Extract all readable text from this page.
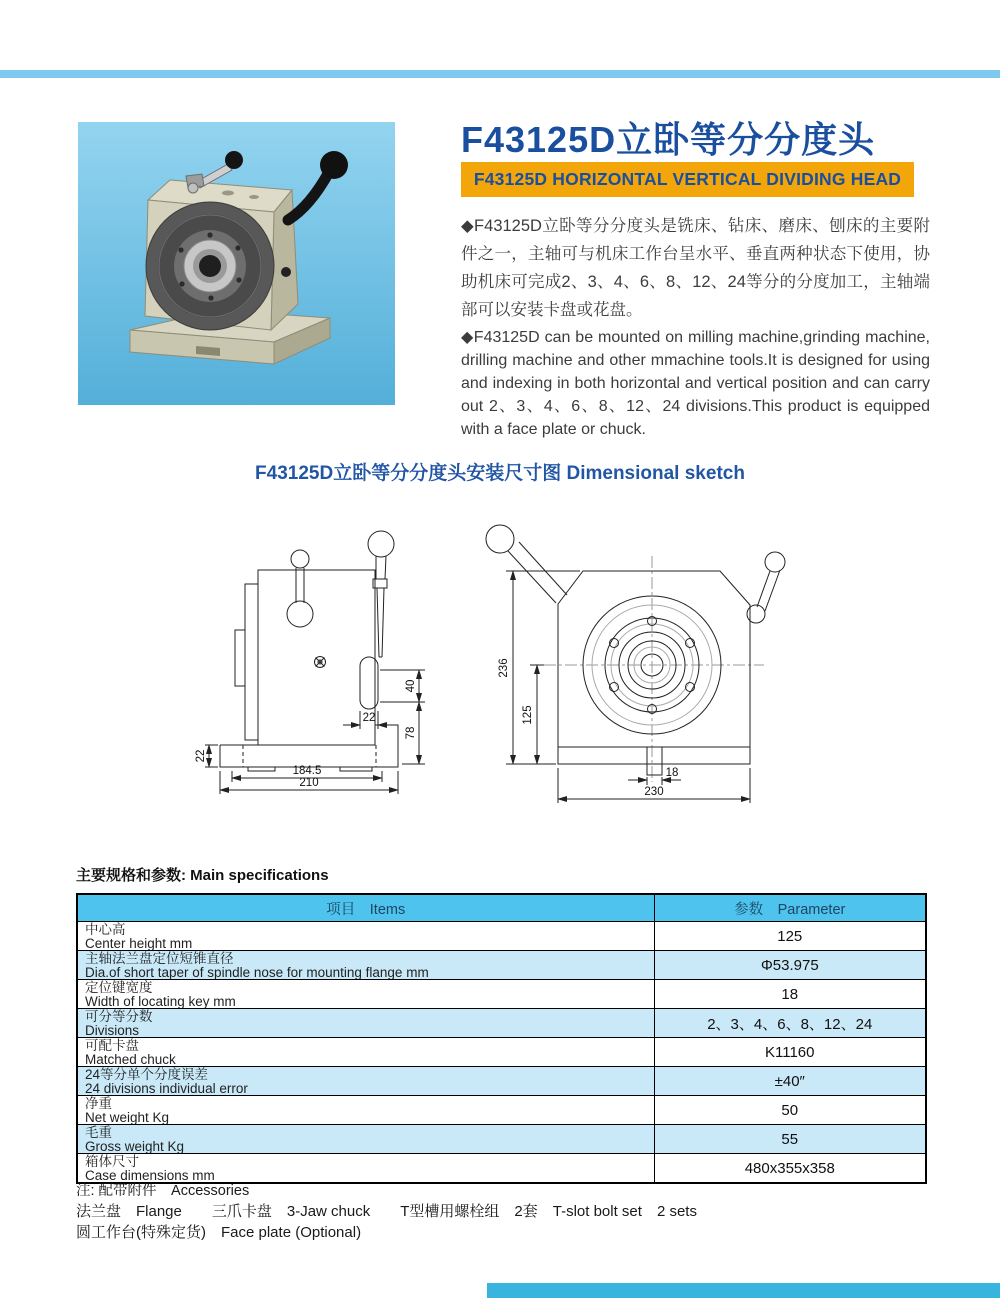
F43125D立卧等分分度头
F43125D HORIZONTAL VERTICAL DIVIDING HEAD

◆F43125D立卧等分分度头是铣床、钻床、磨床、刨床的主要附件之一，主轴可与机床工作台呈水平、垂直两种状态下使用，协助机床可完成2、3、4、6、8、12、24等分的分度加工，主轴端部可以安装卡盘或花盘。

◆F43125D can be mounted on milling machine,grinding machine, drilling machine and other mmachine tools.It is designed for using and indexing in both horizontal and vertical position and can carry out 2、3、4、6、8、12、24 divisions.This product is equipped with a face plate or chuck.

F43125D立卧等分分度头安装尺寸图 Dimensional sketch
40
78
22
22
184.5
210
236
125
18
230
主要规格和参数: Main specifications
项目　Items	参数　Parameter

中心高
Center height mm	125

主轴法兰盘定位短锥直径
Dia.of short taper of spindle nose for mounting flange mm	Φ53.975

定位键宽度
Width of locating key mm	18

可分等分数
Divisions	2、3、4、6、8、12、24

可配卡盘
Matched chuck	K11160

24等分单个分度误差
24 divisions individual error	±40″

净重
Net weight Kg	50

毛重
Gross weight Kg	55

箱体尺寸
Case dimensions mm	480x355x358

注: 配带附件　Accessories

法兰盘　Flange　　三爪卡盘　3-Jaw chuck　　T型槽用螺栓组　2套　T-slot bolt set　2 sets

圆工作台(特殊定货)　Face plate (Optional)
